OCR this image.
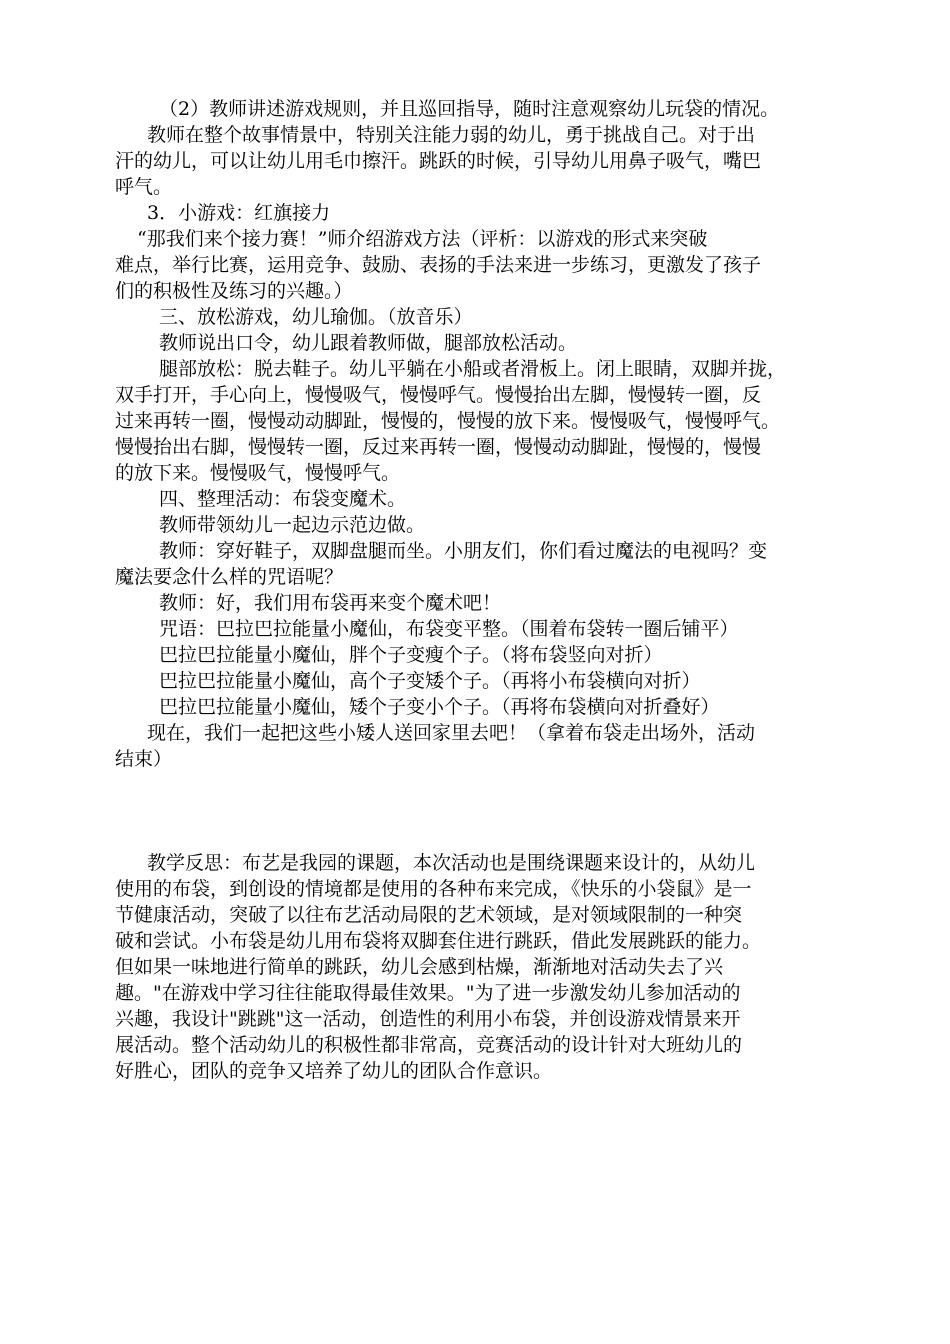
（2）教师讲述游戏规则，并且巡回指导，随时注意观察幼儿玩袋的情况。
教师在整个故事情景中，特别关注能力弱的幼儿，勇于挑战自己。对于出
汗的幼儿，可以让幼儿用毛巾擦汗。跳跃的时候，引导幼儿用鼻子吸气，嘴巴
呼气。
3．小游戏：红旗接力
“那我们来个接力赛！”师介绍游戏方法（评析：以游戏的形式来突破
难点，举行比赛，运用竞争、鼓励、表扬的手法来进一步练习，更激发了孩子
们的积极性及练习的兴趣。）
三、放松游戏，幼儿瑜伽。（放音乐）
教师说出口令，幼儿跟着教师做，腿部放松活动。
腿部放松：脱去鞋子。幼儿平躺在小船或者滑板上。闭上眼睛，双脚并拢，
双手打开，手心向上，慢慢吸气，慢慢呼气。慢慢抬出左脚，慢慢转一圈，反
过来再转一圈，慢慢动动脚趾，慢慢的，慢慢的放下来。慢慢吸气，慢慢呼气。
慢慢抬出右脚，慢慢转一圈，反过来再转一圈，慢慢动动脚趾，慢慢的，慢慢
的放下来。慢慢吸气，慢慢呼气。
四、整理活动：布袋变魔术。
教师带领幼儿一起边示范边做。
教师：穿好鞋子，双脚盘腿而坐。小朋友们，你们看过魔法的电视吗？变
魔法要念什么样的咒语呢？
教师：好，我们用布袋再来变个魔术吧！
咒语：巴拉巴拉能量小魔仙，布袋变平整。（围着布袋转一圈后铺平）
巴拉巴拉能量小魔仙，胖个子变瘦个子。（将布袋竖向对折）
巴拉巴拉能量小魔仙，高个子变矮个子。（再将小布袋横向对折）
巴拉巴拉能量小魔仙，矮个子变小个子。（再将布袋横向对折叠好）
现在，我们一起把这些小矮人送回家里去吧！（拿着布袋走出场外，活动
结束）
教学反思：布艺是我园的课题，本次活动也是围绕课题来设计的，从幼儿
使用的布袋，到创设的情境都是使用的各种布来完成，《快乐的小袋鼠》是一
节健康活动，突破了以往布艺活动局限的艺术领域，是对领域限制的一种突
破和尝试。小布袋是幼儿用布袋将双脚套住进行跳跃，借此发展跳跃的能力。
但如果一味地进行简单的跳跃，幼儿会感到枯燥，渐渐地对活动失去了兴
趣。"在游戏中学习往往能取得最佳效果。"为了进一步激发幼儿参加活动的
兴趣，我设计"跳跳"这一活动，创造性的利用小布袋，并创设游戏情景来开
展活动。整个活动幼儿的积极性都非常高，竞赛活动的设计针对大班幼儿的
好胜心，团队的竞争又培养了幼儿的团队合作意识。
